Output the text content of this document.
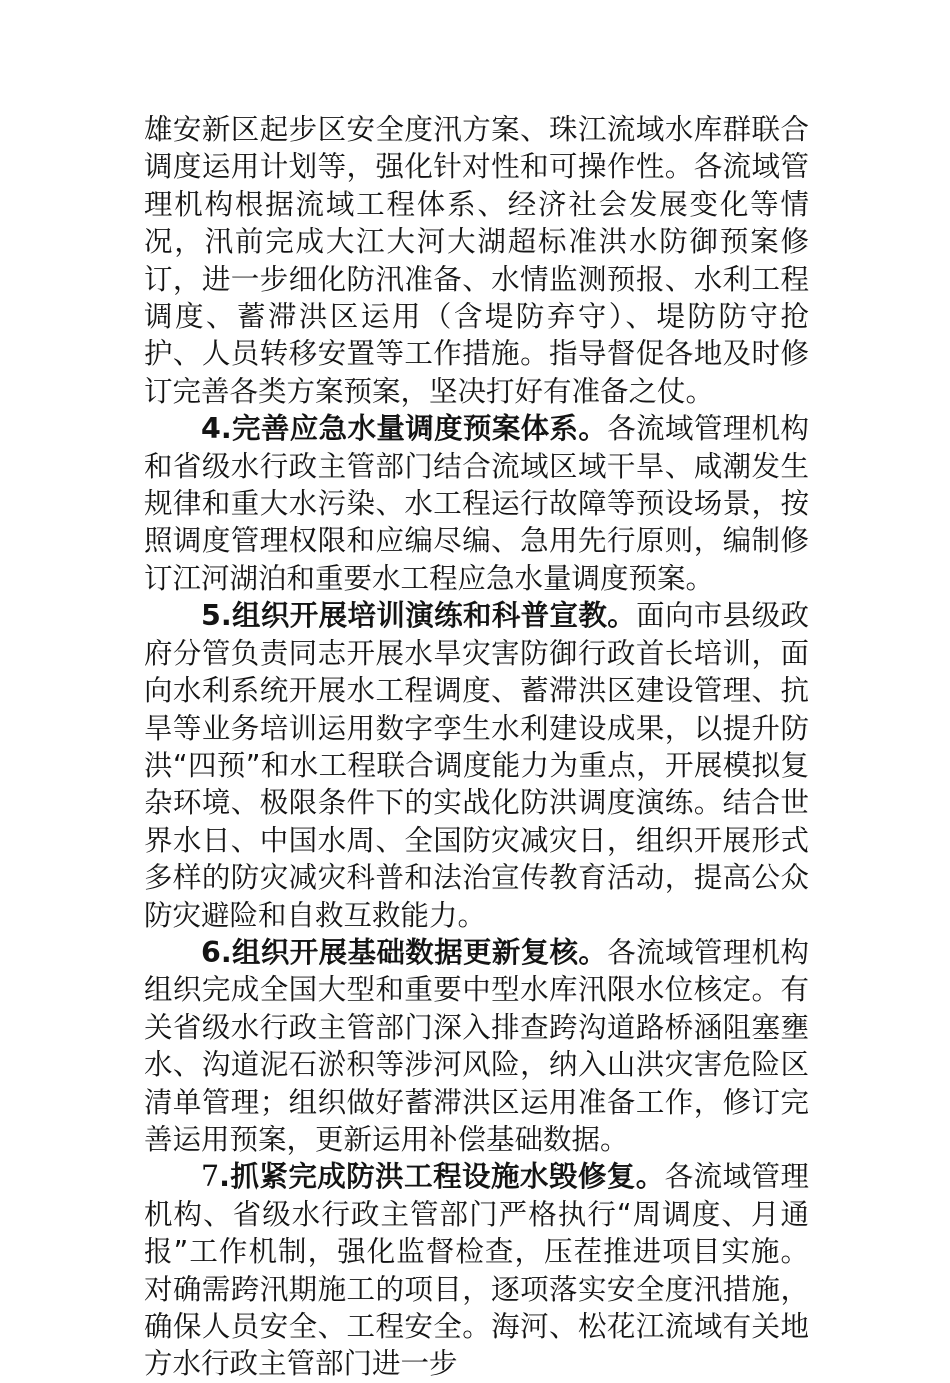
雄安新区起步区安全度汛方案、珠江流域水库群联合调度运用计划等，强化针对性和可操作性。各流域管理机构根据流域工程体系、经济社会发展变化等情况，汛前完成大江大河大湖超标准洪水防御预案修订，进一步细化防汛准备、水情监测预报、水利工程调度、蓄滞洪区运用（含堤防弃守）、堤防防守抢护、人员转移安置等工作措施。指导督促各地及时修订完善各类方案预案，坚决打好有准备之仗。

4.完善应急水量调度预案体系。各流域管理机构和省级水行政主管部门结合流域区域干旱、咸潮发生规律和重大水污染、水工程运行故障等预设场景，按照调度管理权限和应编尽编、急用先行原则，编制修订江河湖泊和重要水工程应急水量调度预案。

5.组织开展培训演练和科普宣教。面向市县级政府分管负责同志开展水旱灾害防御行政首长培训，面向水利系统开展水工程调度、蓄滞洪区建设管理、抗旱等业务培训运用数字孪生水利建设成果，以提升防洪“四预”和水工程联合调度能力为重点，开展模拟复杂环境、极限条件下的实战化防洪调度演练。结合世界水日、中国水周、全国防灾减灾日，组织开展形式多样的防灾减灾科普和法治宣传教育活动，提高公众防灾避险和自救互救能力。

6.组织开展基础数据更新复核。各流域管理机构组织完成全国大型和重要中型水库汛限水位核定。有关省级水行政主管部门深入排查跨沟道路桥涵阻塞壅水、沟道泥石淤积等涉河风险，纳入山洪灾害危险区清单管理；组织做好蓄滞洪区运用准备工作，修订完善运用预案，更新运用补偿基础数据。

7.抓紧完成防洪工程设施水毁修复。各流域管理机构、省级水行政主管部门严格执行“周调度、月通报”工作机制，强化监督检查，压茬推进项目实施。对确需跨汛期施工的项目，逐项落实安全度汛措施，确保人员安全、工程安全。海河、松花江流域有关地方水行政主管部门进一步
